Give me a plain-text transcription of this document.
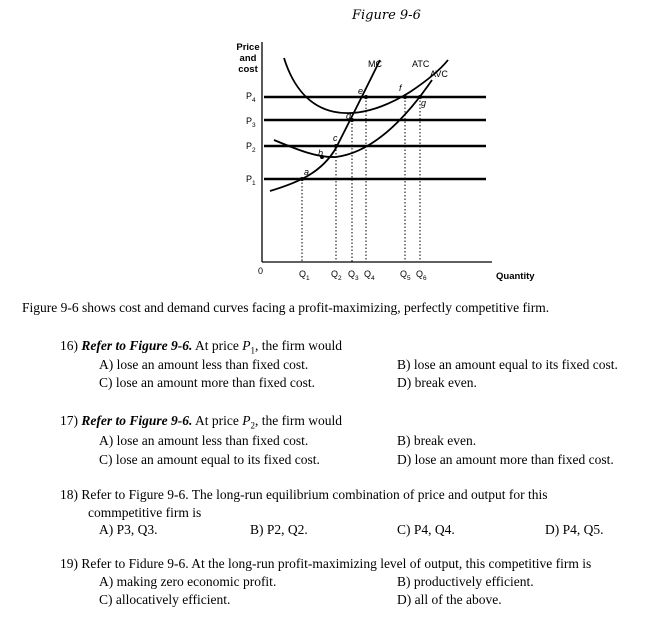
Figure 9-6
Price
and
cost
Quantity
0
$P_4$
$P_3$
$P_2$
$P_1$
$Q_1$ $Q_2$ $Q_3$ $Q_4$	$Q_5$ $Q_6$
MC	ATC
AVC
a
b
c
d
e	f
g
Figure 9-6 shows cost and demand curves facing a profit-maximizing, perfectly competitive firm.
16) Refer to Figure 9-6. At price $P_1$, the firm would
A) lose an amount less than fixed cost.	B) lose an amount equal to its fixed cost.
C) lose an amount more than fixed cost.	D) break even.
17) Refer to Figure 9-6. At price $P_2$, the firm would
A) lose an amount less than fixed cost.	B) break even.
C) lose an amount equal to its fixed cost.	D) lose an amount more than fixed cost.
18) Refer to Figure 9-6. The long-run equilibrium combination of price and output for this
commpetitive firm is
A) P3, Q3.	B) P2, Q2.	C) P4, Q4.	D) P4, Q5.
19) Refer to Fidure 9-6. At the long-run profit-maximizing level of output, this competitive firm is
A) making zero economic profit.	B) productively efficient.
C) allocatively efficient.	D) all of the above.
